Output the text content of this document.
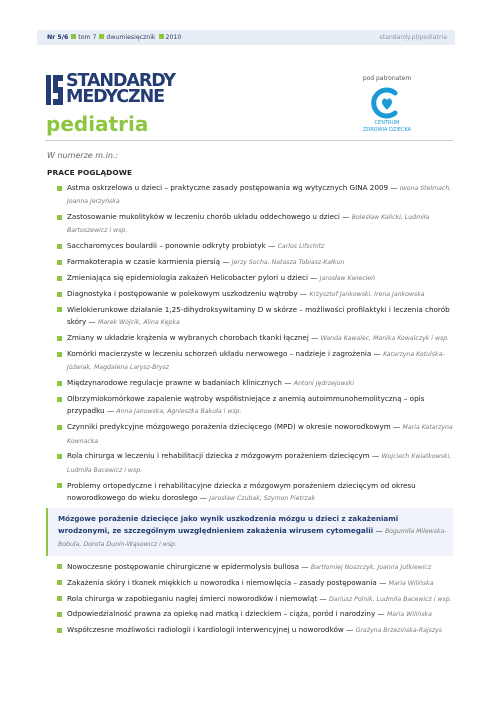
Nr 5/6 tom 7 dwumiesięcznik 2010	standardy.pl/pediatria
STANDARDY
MEDYCZNE
pediatria
pod patronatem
CENTRUM
ZDROWIA DZIECKA
W numerze m.in.:
PRACE POGLĄDOWE
Astma oskrzelowa u dzieci – praktyczne zasady postępowania wg wytycznych GINA 2009 — Iwona Stelmach, Joanna Jerzyńska
Zastosowanie mukolityków w leczeniu chorób układu oddechowego u dzieci — Bolesław Kalicki, Ludmiła Bartoszewicz i wsp.
Saccharomyces boulardii – ponownie odkryty probiotyk — Carlos Lifschitz
Farmakoterapia w czasie karmienia piersią — Jerzy Socha, Natasza Tobiasz-Kałkun
Zmieniająca się epidemiologia zakażeń Helicobacter pylori u dzieci — Jarosław Kwiecień
Diagnostyka i postępowanie w polekowym uszkodzeniu wątroby — Krzysztof Jankowski, Irena Jankowska
Wielokierunkowe działanie 1,25-dihydroksywitaminy D w skórze – możliwości profilaktyki i leczenia chorób skóry — Marek Wójcik, Alina Kępka
Zmiany w układzie krążenia w wybranych chorobach tkanki łącznej — Wanda Kawalec, Monika Kowalczyk i wsp.
Komórki macierzyste w leczeniu schorzeń układu nerwowego – nadzieje i zagrożenia — Katarzyna Kotulska-Jóźwiak, Magdalena Larysz-Brysz
Międzynarodowe regulacje prawne w badaniach klinicznych — Antoni Jędrzejowski
Olbrzymiokomórkowe zapalenie wątroby współistniejące z anemią autoimmunohemolityczną – opis przypadku — Anna Janowska, Agnieszka Bakuła i wsp.
Czynniki predykcyjne mózgowego porażenia dziecięcego (MPD) w okresie noworodkowym — Maria Katarzyna Kownacka
Rola chirurga w leczeniu i rehabilitacji dziecka z mózgowym porażeniem dziecięcym — Wojciech Kwiatkowski, Ludmiła Bacewicz i wsp.
Problemy ortopedyczne i rehabilitacyjne dziecka z mózgowym porażeniem dziecięcym od okresu noworodkowego do wieku dorosłego — Jarosław Czubak, Szymon Pietrzak
Mózgowe porażenie dziecięce jako wynik uszkodzenia mózgu u dzieci z zakażeniami wrodzonymi, ze szczególnym uwzględnieniem zakażenia wirusem cytomegalii — Bogumiła Milewska-Bobula, Dorota Dunin-Wąsowicz i wsp.
Nowoczesne postępowanie chirurgiczne w epidermolysis bullosa — Bartłomiej Noszczyk, Joanna Jutkiewicz
Zakażenia skóry i tkanek miękkich u noworodka i niemowlęcia – zasady postępowania — Maria Wilińska
Rola chirurga w zapobieganiu nagłej śmierci noworodków i niemowląt — Dariusz Polnik, Ludmiła Bacewicz i wsp.
Odpowiedzialność prawna za opiekę nad matką i dzieckiem – ciąża, poród i narodziny — Maria Wilińska
Współczesne możliwości radiologii i kardiologii interwencyjnej u noworodków — Grażyna Brzezińska-Rajszys
